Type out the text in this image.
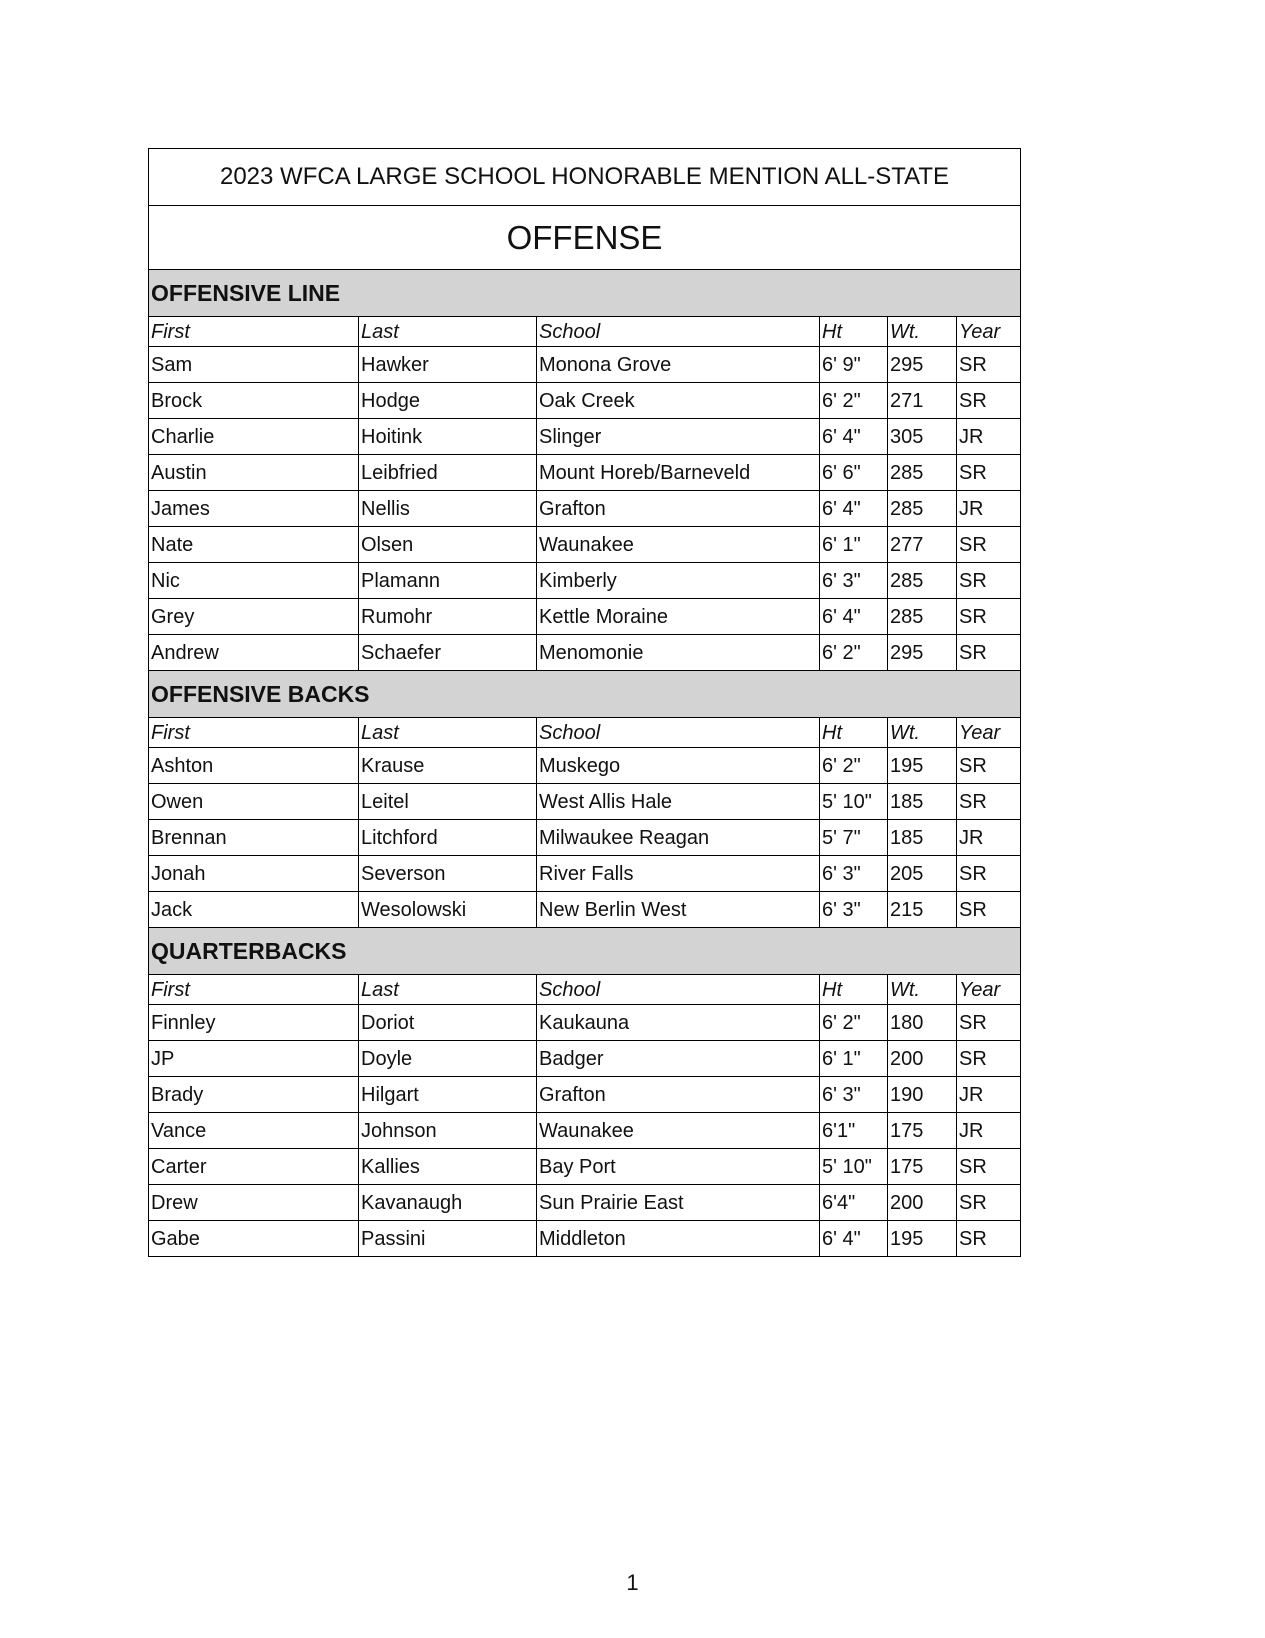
2023 WFCA LARGE SCHOOL HONORABLE MENTION ALL-STATE					
OFFENSE					
OFFENSIVE LINE					
First	Last	School	Ht	Wt.	Year
Sam	Hawker	Monona Grove	6' 9"	295	SR
Brock	Hodge	Oak Creek	6' 2"	271	SR
Charlie	Hoitink	Slinger	6' 4"	305	JR
Austin	Leibfried	Mount Horeb/Barneveld	6' 6"	285	SR
James	Nellis	Grafton	6' 4"	285	JR
Nate	Olsen	Waunakee	6' 1"	277	SR
Nic	Plamann	Kimberly	6' 3"	285	SR
Grey	Rumohr	Kettle Moraine	6' 4"	285	SR
Andrew	Schaefer	Menomonie	6' 2"	295	SR
OFFENSIVE BACKS					
First	Last	School	Ht	Wt.	Year
Ashton	Krause	Muskego	6' 2"	195	SR
Owen	Leitel	West Allis Hale	5' 10"	185	SR
Brennan	Litchford	Milwaukee Reagan	5' 7"	185	JR
Jonah	Severson	River Falls	6' 3"	205	SR
Jack	Wesolowski	New Berlin West	6' 3"	215	SR
QUARTERBACKS					
First	Last	School	Ht	Wt.	Year
Finnley	Doriot	Kaukauna	6' 2"	180	SR
JP	Doyle	Badger	6' 1"	200	SR
Brady	Hilgart	Grafton	6' 3"	190	JR
Vance	Johnson	Waunakee	6'1"	175	JR
Carter	Kallies	Bay Port	5' 10"	175	SR
Drew	Kavanaugh	Sun Prairie East	6'4"	200	SR
Gabe	Passini	Middleton	6' 4"	195	SR
1
